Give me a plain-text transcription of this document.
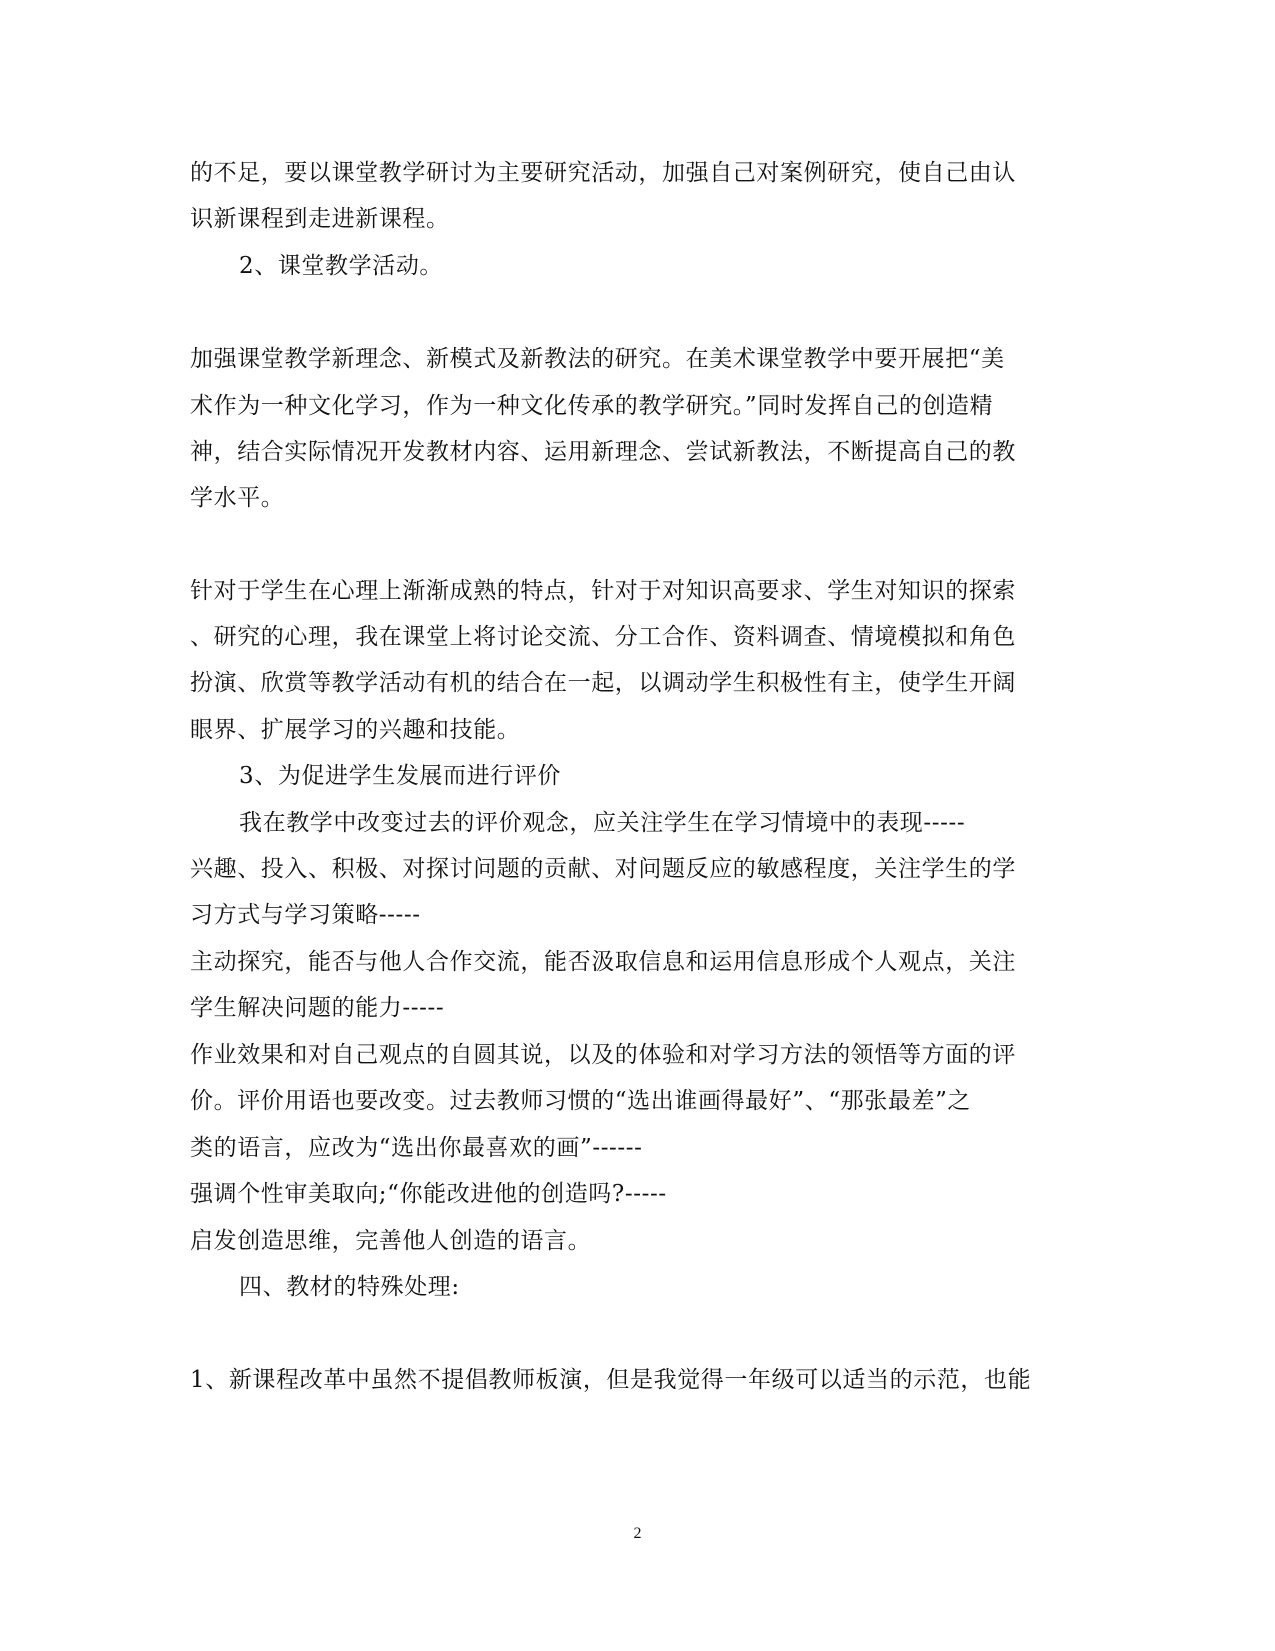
的不足，要以课堂教学研讨为主要研究活动，加强自己对案例研究，使自己由认
识新课程到走进新课程。
2、课堂教学活动。
加强课堂教学新理念、新模式及新教法的研究。在美术课堂教学中要开展把“美
术作为一种文化学习，作为一种文化传承的教学研究。”同时发挥自己的创造精
神，结合实际情况开发教材内容、运用新理念、尝试新教法，不断提高自己的教
学水平。
针对于学生在心理上渐渐成熟的特点，针对于对知识高要求、学生对知识的探索
、研究的心理，我在课堂上将讨论交流、分工合作、资料调查、情境模拟和角色
扮演、欣赏等教学活动有机的结合在一起，以调动学生积极性有主，使学生开阔
眼界、扩展学习的兴趣和技能。
3、为促进学生发展而进行评价
我在教学中改变过去的评价观念，应关注学生在学习情境中的表现-----
兴趣、投入、积极、对探讨问题的贡献、对问题反应的敏感程度，关注学生的学
习方式与学习策略-----
主动探究，能否与他人合作交流，能否汲取信息和运用信息形成个人观点，关注
学生解决问题的能力-----
作业效果和对自己观点的自圆其说，以及的体验和对学习方法的领悟等方面的评
价。评价用语也要改变。过去教师习惯的“选出谁画得最好”、“那张最差”之
类的语言，应改为“选出你最喜欢的画”------
强调个性审美取向;“你能改进他的创造吗?-----
启发创造思维，完善他人创造的语言。
四、教材的特殊处理:
1、新课程改革中虽然不提倡教师板演，但是我觉得一年级可以适当的示范，也能
2
